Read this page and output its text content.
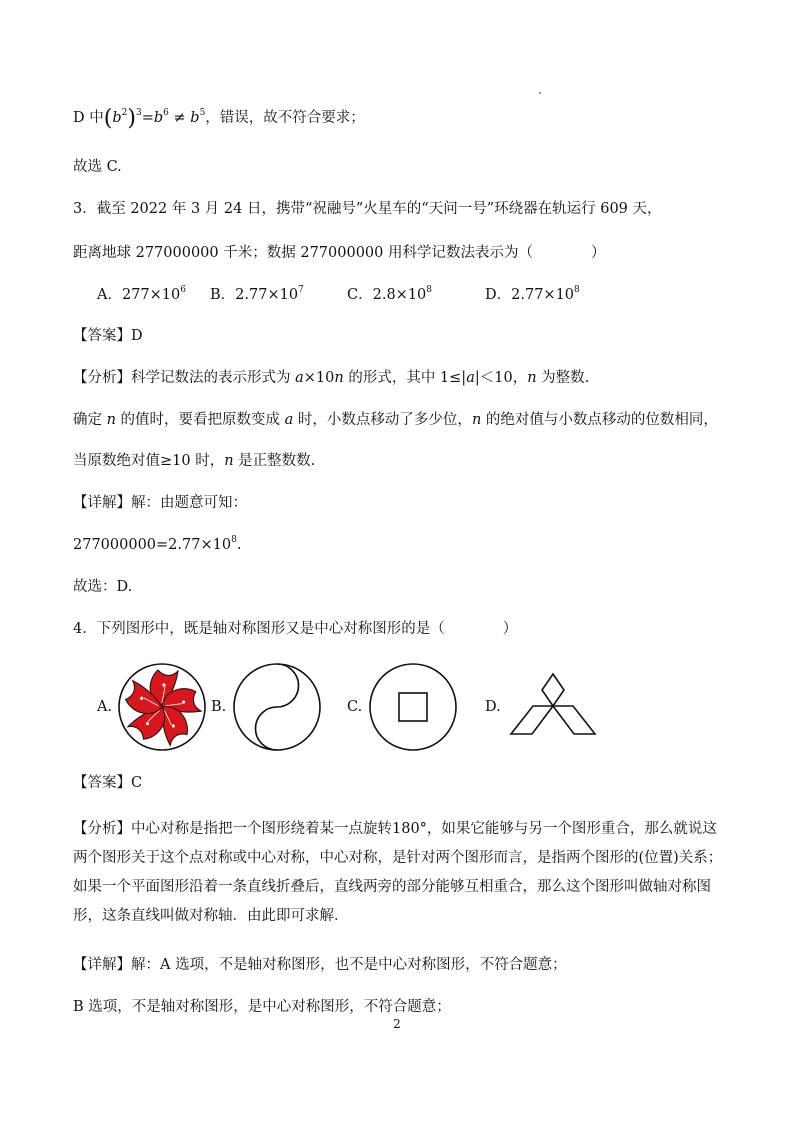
D 中$(b^2)^3=b^6 \ne b^5$，错误，故不符合要求；
故选 C.
3．截至 2022 年 3 月 24 日，携带“祝融号”火星车的“天问一号”环绕器在轨运行 609 天，
距离地球 277000000 千米；数据 277000000 用科学记数法表示为（　　　　）
A．$277\times 10^6$ B．$2.77\times 10^7$	C．$2.8\times 10^8$	D．$2.77\times 10^8$
【答案】D
【分析】科学记数法的表示形式为 a×10n 的形式，其中 1≤|a|＜10，n 为整数.
确定 n 的值时，要看把原数变成 a 时，小数点移动了多少位，n 的绝对值与小数点移动的位数相同，
当原数绝对值≥10 时，n 是正整数数.
【详解】解：由题意可知：
$277000000=2.77\times 10^8$.
故选：D.
4．下列图形中，既是轴对称图形又是中心对称图形的是（　　　　）
A.	B.	C.	D.
【答案】C
【分析】中心对称是指把一个图形绕着某一点旋转180°，如果它能够与另一个图形重合，那么就说这两个图形关于这个点对称或中心对称，中心对称，是针对两个图形而言，是指两个图形的(位置)关系；如果一个平面图形沿着一条直线折叠后，直线两旁的部分能够互相重合，那么这个图形叫做轴对称图形，这条直线叫做对称轴．由此即可求解．
【详解】解：A 选项，不是轴对称图形，也不是中心对称图形，不符合题意；
B 选项，不是轴对称图形，是中心对称图形，不符合题意；
2
